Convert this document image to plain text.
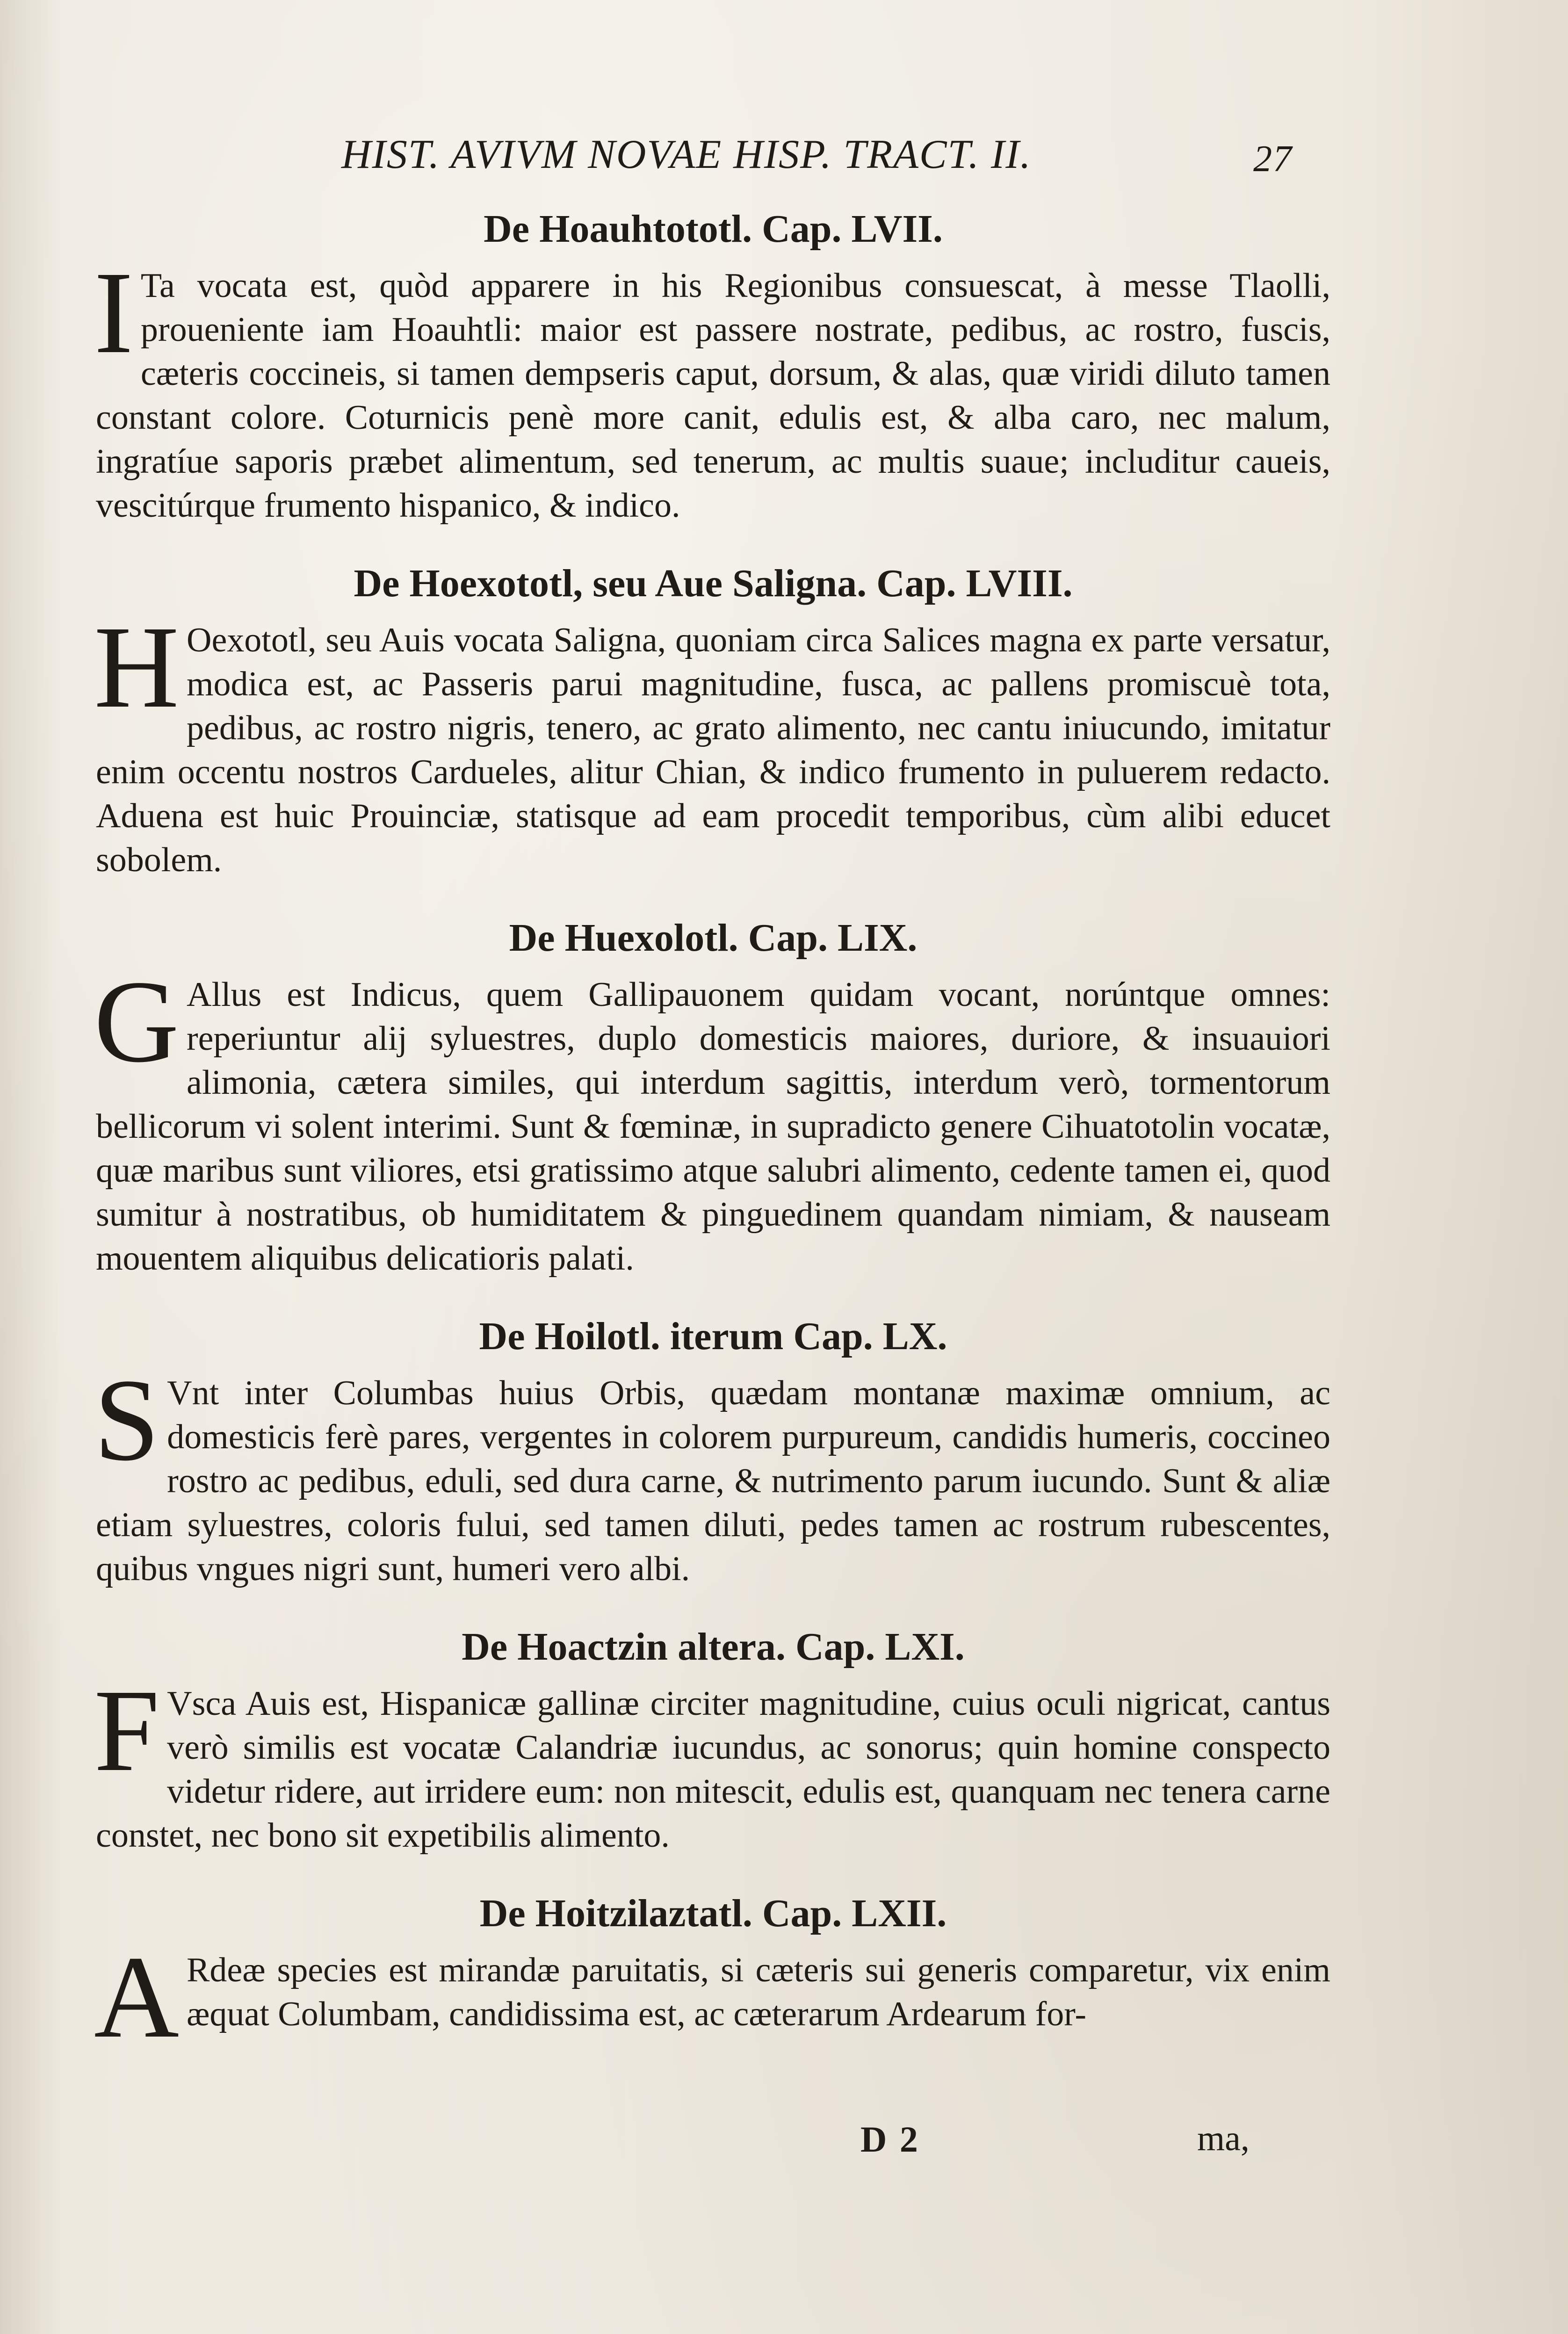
HIST. AVIVM NOVAE HISP. TRACT. II.	27
De Hoauhtototl. Cap. LVII.
I Ta vocata est, quòd apparere in his Regionibus consuescat, à messe Tlaolli, proueniente iam Hoauhtli: maior est passere nostrate, pedibus, ac rostro, fuscis, cæteris coccineis, si tamen dempseris caput, dorsum, & alas, quæ viridi diluto tamen constant colore. Coturnicis penè more canit, edulis est, & alba caro, nec malum, ingratíue saporis præbet alimentum, sed tenerum, ac multis suaue; includitur caueis, vescitúrque frumento hispanico, & indico.
De Hoexototl, seu Aue Saligna. Cap. LVIII.
H Oexototl, seu Auis vocata Saligna, quoniam circa Salices magna ex parte versatur, modica est, ac Passeris parui magnitudine, fusca, ac pallens promiscuè tota, pedibus, ac rostro nigris, tenero, ac grato alimento, nec cantu iniucundo, imitatur enim occentu nostros Cardueles, alitur Chian, & indico frumento in puluerem redacto. Aduena est huic Prouinciæ, statisque ad eam procedit temporibus, cùm alibi educet sobolem.
De Huexolotl. Cap. LIX.
G Allus est Indicus, quem Gallipauonem quidam vocant, norúntque omnes: reperiuntur alij syluestres, duplo domesticis maiores, duriore, & insuauiori alimonia, cætera similes, qui interdum sagittis, interdum verò, tormentorum bellicorum vi solent interimi. Sunt & fœminæ, in supradicto genere Cihuatotolin vocatæ, quæ maribus sunt viliores, etsi gratissimo atque salubri alimento, cedente tamen ei, quod sumitur à nostratibus, ob humiditatem & pinguedinem quandam nimiam, & nauseam mouentem aliquibus delicatioris palati.
De Hoilotl. iterum Cap. LX.
S Vnt inter Columbas huius Orbis, quædam montanæ maximæ omnium, ac domesticis ferè pares, vergentes in colorem purpureum, candidis humeris, coccineo rostro ac pedibus, eduli, sed dura carne, & nutrimento parum iucundo. Sunt & aliæ etiam syluestres, coloris fului, sed tamen diluti, pedes tamen ac rostrum rubescentes, quibus vngues nigri sunt, humeri vero albi.
De Hoactzin altera. Cap. LXI.
F Vsca Auis est, Hispanicæ gallinæ circiter magnitudine, cuius oculi nigricat, cantus verò similis est vocatæ Calandriæ iucundus, ac sonorus; quin homine conspecto videtur ridere, aut irridere eum: non mitescit, edulis est, quanquam nec tenera carne constet, nec bono sit expetibilis alimento.
De Hoitzilaztatl. Cap. LXII.
A Rdeæ species est mirandæ paruitatis, si cæteris sui generis comparetur, vix enim æquat Columbam, candidissima est, ac cæterarum Ardearum for-
D 2	ma,
